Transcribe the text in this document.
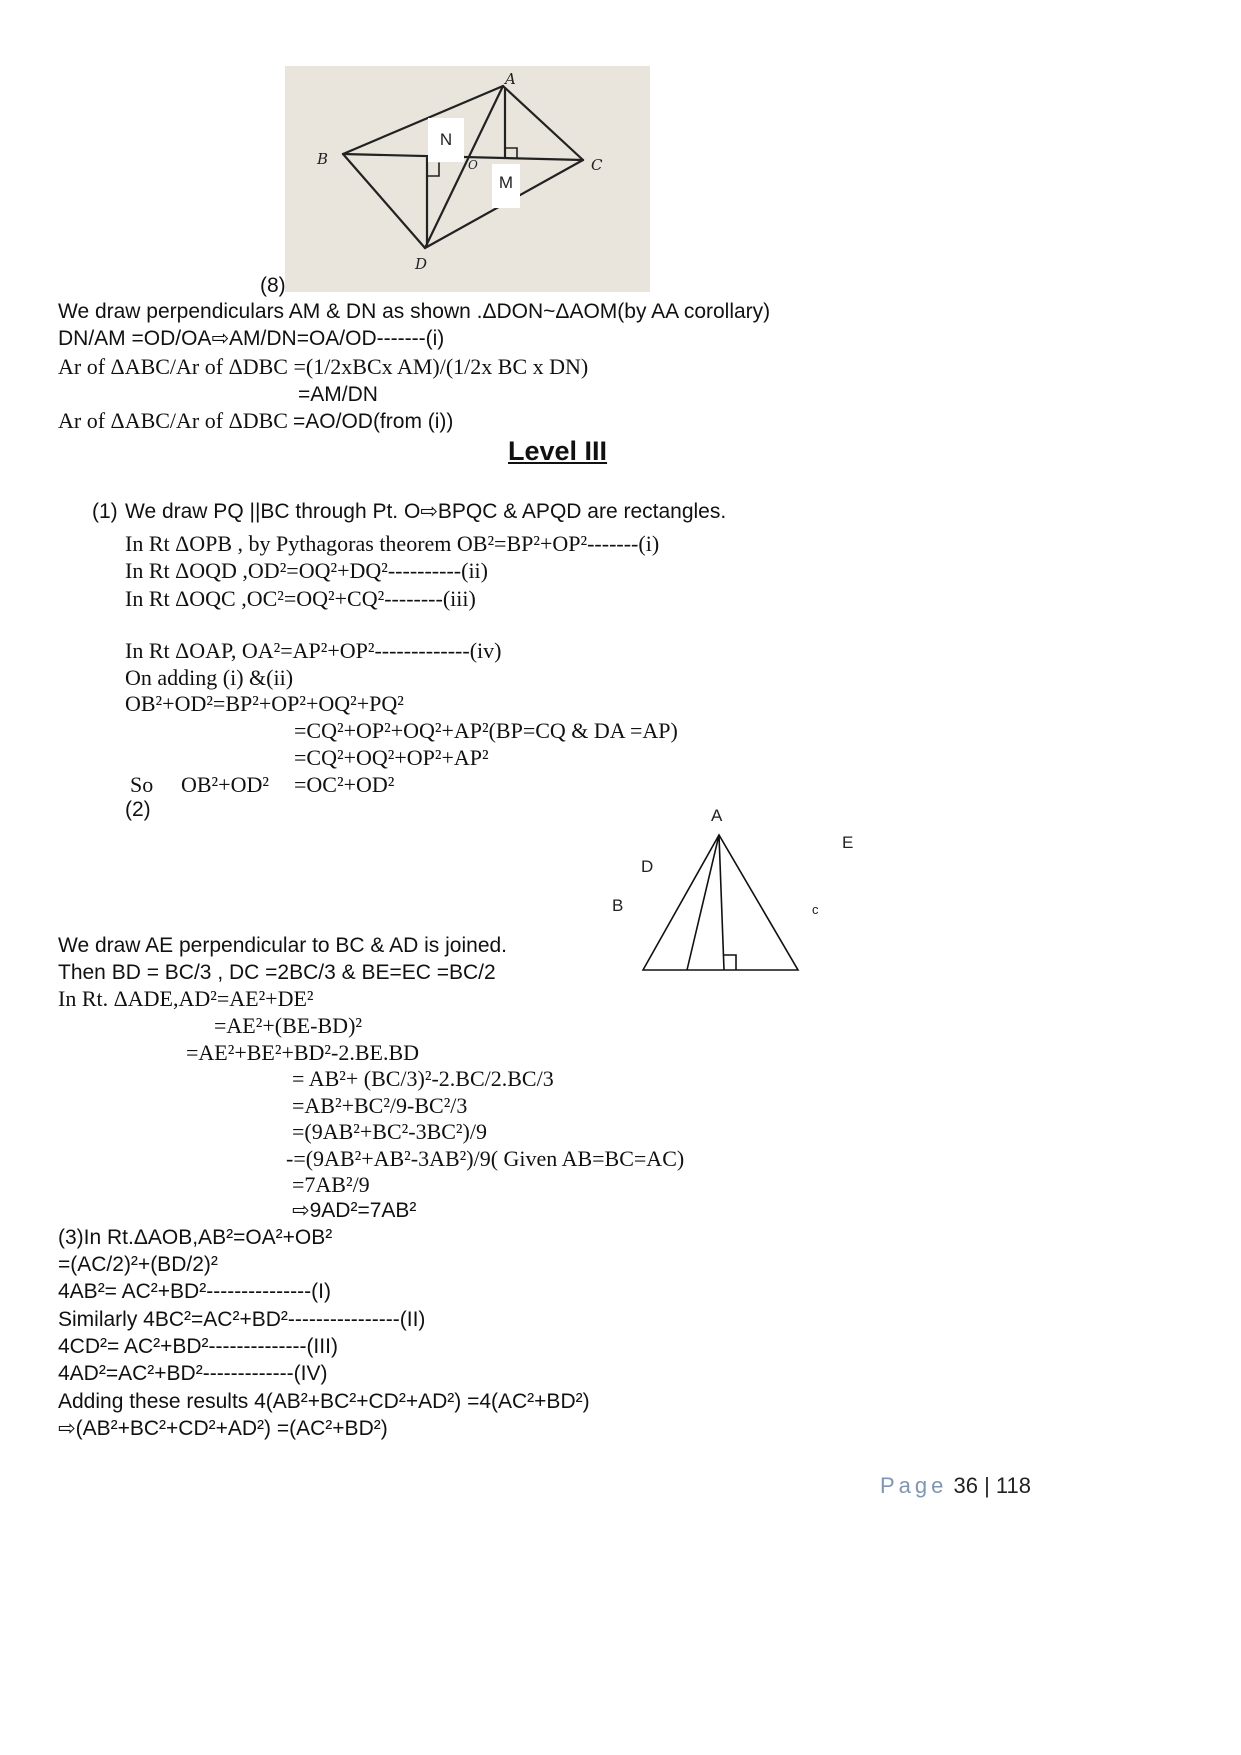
A
B	O	C
D
N
M
(8)
We draw perpendiculars AM & DN as shown .ΔDON~ΔAOM(by AA corollary)
DN/AM =OD/OA⇨AM/DN=OA/OD-------(i)
Ar of ΔABC/Ar of ΔDBC =(1/2xBCx AM)/(1/2x BC x DN)
=AM/DN
Ar of ΔABC/Ar of ΔDBC =AO/OD(from (i))
Level III
(1) We draw PQ ||BC through Pt. O⇨BPQC & APQD are rectangles.
In Rt ΔOPB , by Pythagoras theorem OB²=BP²+OP²-------(i)
In Rt ΔOQD ,OD²=OQ²+DQ²----------(ii)
In Rt ΔOQC ,OC²=OQ²+CQ²--------(iii)
In Rt ΔOAP, OA²=AP²+OP²-------------(iv)
On adding (i) &(ii)
OB²+OD²=BP²+OP²+OQ²+PQ²
=CQ²+OP²+OQ²+AP²(BP=CQ & DA =AP)
=CQ²+OQ²+OP²+AP²
So OB²+OD² =OC²+OD²
(2)	A
B	c
D
E
We draw AE perpendicular to BC & AD is joined.
Then BD = BC/3 , DC =2BC/3 & BE=EC =BC/2
In Rt. ΔADE,AD²=AE²+DE²
=AE²+(BE-BD)²
=AE²+BE²+BD²-2.BE.BD
= AB²+ (BC/3)²-2.BC/2.BC/3
=AB²+BC²/9-BC²/3
=(9AB²+BC²-3BC²)/9
-=(9AB²+AB²-3AB²)/9( Given AB=BC=AC)
=7AB²/9
⇨9AD²=7AB²
(3)In Rt.ΔAOB,AB²=OA²+OB²
=(AC/2)²+(BD/2)²
4AB²= AC²+BD²---------------(I)
Similarly 4BC²=AC²+BD²----------------(II)
4CD²= AC²+BD²--------------(III)
4AD²=AC²+BD²-------------(IV)
Adding these results 4(AB²+BC²+CD²+AD²) =4(AC²+BD²)
⇨(AB²+BC²+CD²+AD²) =(AC²+BD²)
Page 36 | 118
